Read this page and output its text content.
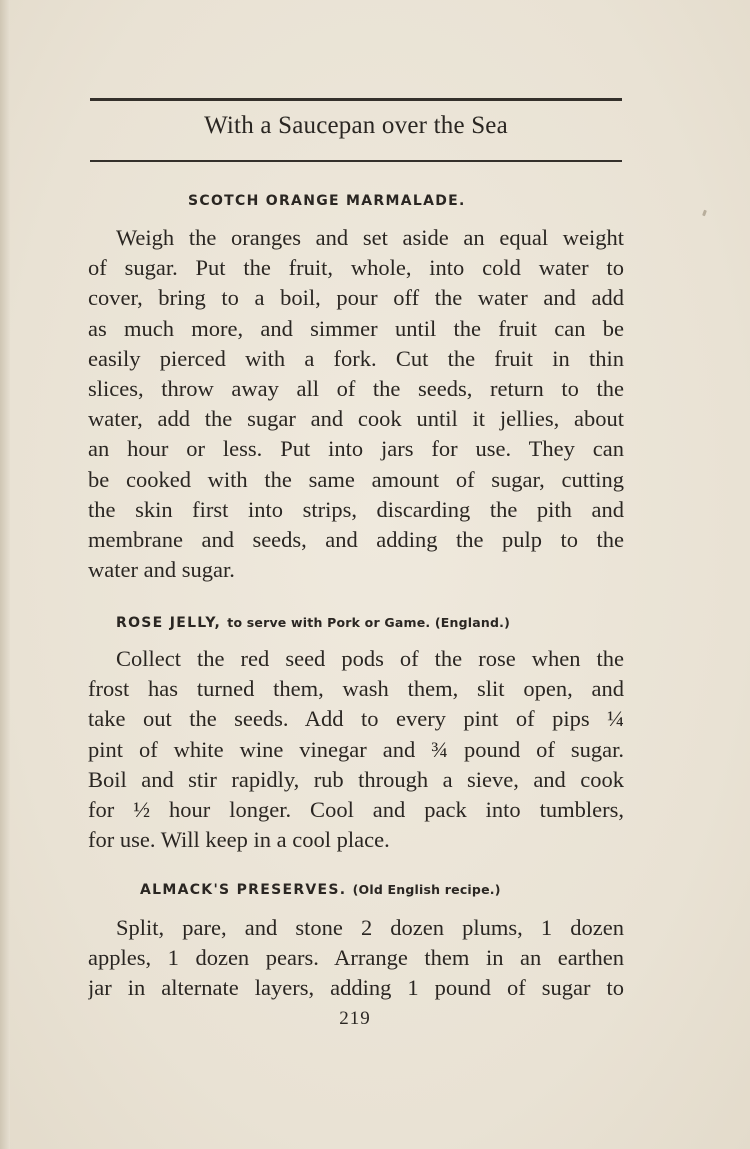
With a Saucepan over the Sea
SCOTCH ORANGE MARMALADE.
Weigh the oranges and set aside an equal weight
of sugar. Put the fruit, whole, into cold water to
cover, bring to a boil, pour off the water and add
as much more, and simmer until the fruit can be
easily pierced with a fork. Cut the fruit in thin
slices, throw away all of the seeds, return to the
water, add the sugar and cook until it jellies, about
an hour or less. Put into jars for use. They can
be cooked with the same amount of sugar, cutting
the skin first into strips, discarding the pith and
membrane and seeds, and adding the pulp to the
water and sugar.
ROSE JELLY, to serve with Pork or Game. (England.)
Collect the red seed pods of the rose when the
frost has turned them, wash them, slit open, and
take out the seeds. Add to every pint of pips ¼
pint of white wine vinegar and ¾ pound of sugar.
Boil and stir rapidly, rub through a sieve, and cook
for ½ hour longer. Cool and pack into tumblers,
for use. Will keep in a cool place.
ALMACK'S PRESERVES. (Old English recipe.)
Split, pare, and stone 2 dozen plums, 1 dozen
apples, 1 dozen pears. Arrange them in an earthen
jar in alternate layers, adding 1 pound of sugar to
219
